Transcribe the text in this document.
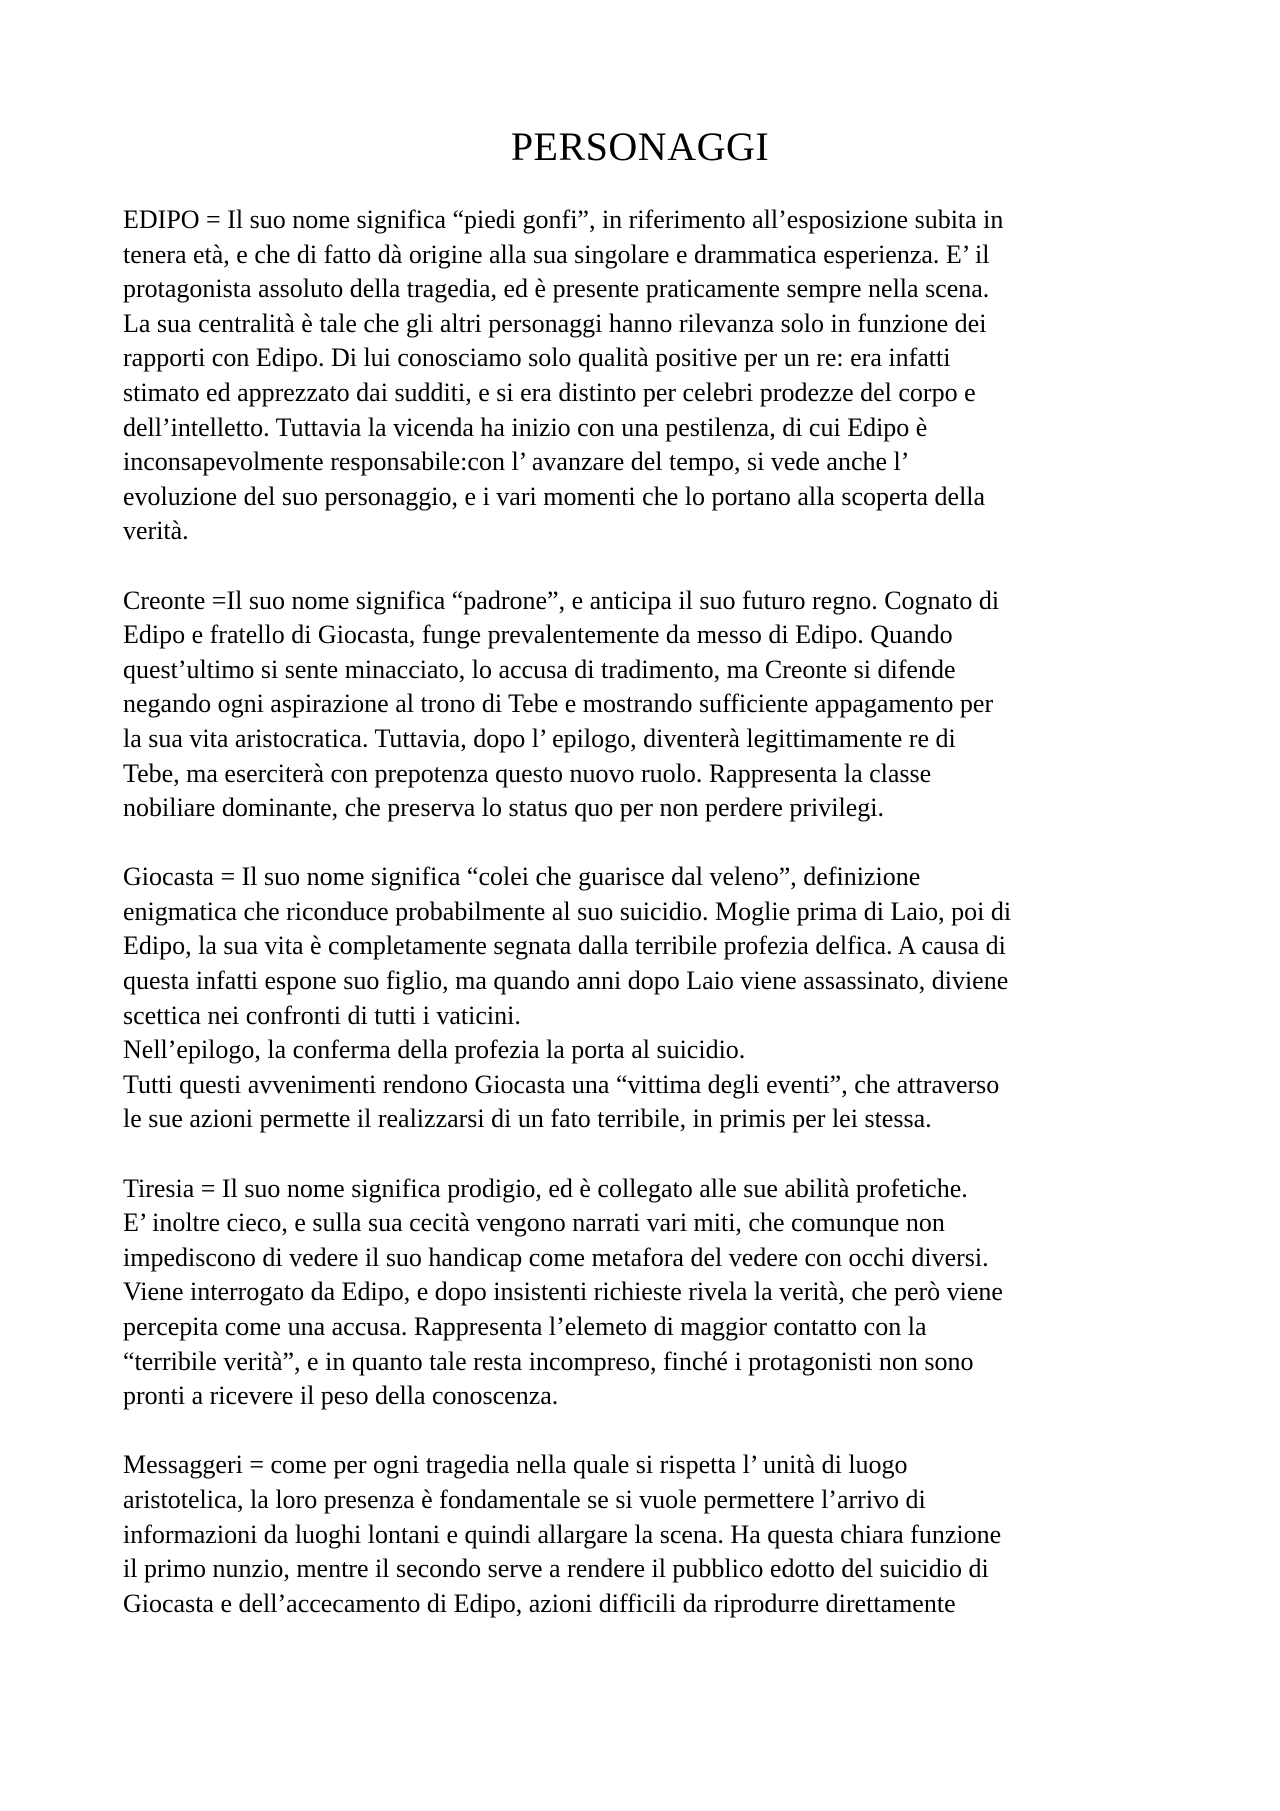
PERSONAGGI
EDIPO = Il suo nome significa “piedi gonfi”, in riferimento all’esposizione subita in
tenera età, e che di fatto dà origine alla sua singolare e drammatica esperienza. E’ il
protagonista assoluto della tragedia, ed è presente praticamente sempre nella scena.
La sua centralità è tale che gli altri personaggi hanno rilevanza solo in funzione dei
rapporti con Edipo. Di lui conosciamo solo qualità positive per un re: era infatti
stimato ed apprezzato dai sudditi, e si era distinto per celebri prodezze del corpo e
dell’intelletto. Tuttavia la vicenda ha inizio con una pestilenza, di cui Edipo è
inconsapevolmente responsabile:con l’ avanzare del tempo, si vede anche l’
evoluzione del suo personaggio, e i vari momenti che lo portano alla scoperta della
verità.
Creonte =Il suo nome significa “padrone”, e anticipa il suo futuro regno. Cognato di
Edipo e fratello di Giocasta, funge prevalentemente da messo di Edipo. Quando
quest’ultimo si sente minacciato, lo accusa di tradimento, ma Creonte si difende
negando ogni aspirazione al trono di Tebe e mostrando sufficiente appagamento per
la sua vita aristocratica. Tuttavia, dopo l’ epilogo, diventerà legittimamente re di
Tebe, ma eserciterà con prepotenza questo nuovo ruolo. Rappresenta la classe
nobiliare dominante, che preserva lo status quo per non perdere privilegi.
Giocasta = Il suo nome significa “colei che guarisce dal veleno”, definizione
enigmatica che riconduce probabilmente al suo suicidio. Moglie prima di Laio, poi di
Edipo, la sua vita è completamente segnata dalla terribile profezia delfica. A causa di
questa infatti espone suo figlio, ma quando anni dopo Laio viene assassinato, diviene
scettica nei confronti di tutti i vaticini.
Nell’epilogo, la conferma della profezia la porta al suicidio.
Tutti questi avvenimenti rendono Giocasta una “vittima degli eventi”, che attraverso
le sue azioni permette il realizzarsi di un fato terribile, in primis per lei stessa.
Tiresia = Il suo nome significa prodigio, ed è collegato alle sue abilità profetiche.
E’ inoltre cieco, e sulla sua cecità vengono narrati vari miti, che comunque non
impediscono di vedere il suo handicap come metafora del vedere con occhi diversi.
Viene interrogato da Edipo, e dopo insistenti richieste rivela la verità, che però viene
percepita come una accusa. Rappresenta l’elemeto di maggior contatto con la
“terribile verità”, e in quanto tale resta incompreso, finché i protagonisti non sono
pronti a ricevere il peso della conoscenza.
Messaggeri = come per ogni tragedia nella quale si rispetta l’ unità di luogo
aristotelica, la loro presenza è fondamentale se si vuole permettere l’arrivo di
informazioni da luoghi lontani e quindi allargare la scena. Ha questa chiara funzione
il primo nunzio, mentre il secondo serve a rendere il pubblico edotto del suicidio di
Giocasta e dell’accecamento di Edipo, azioni difficili da riprodurre direttamente
